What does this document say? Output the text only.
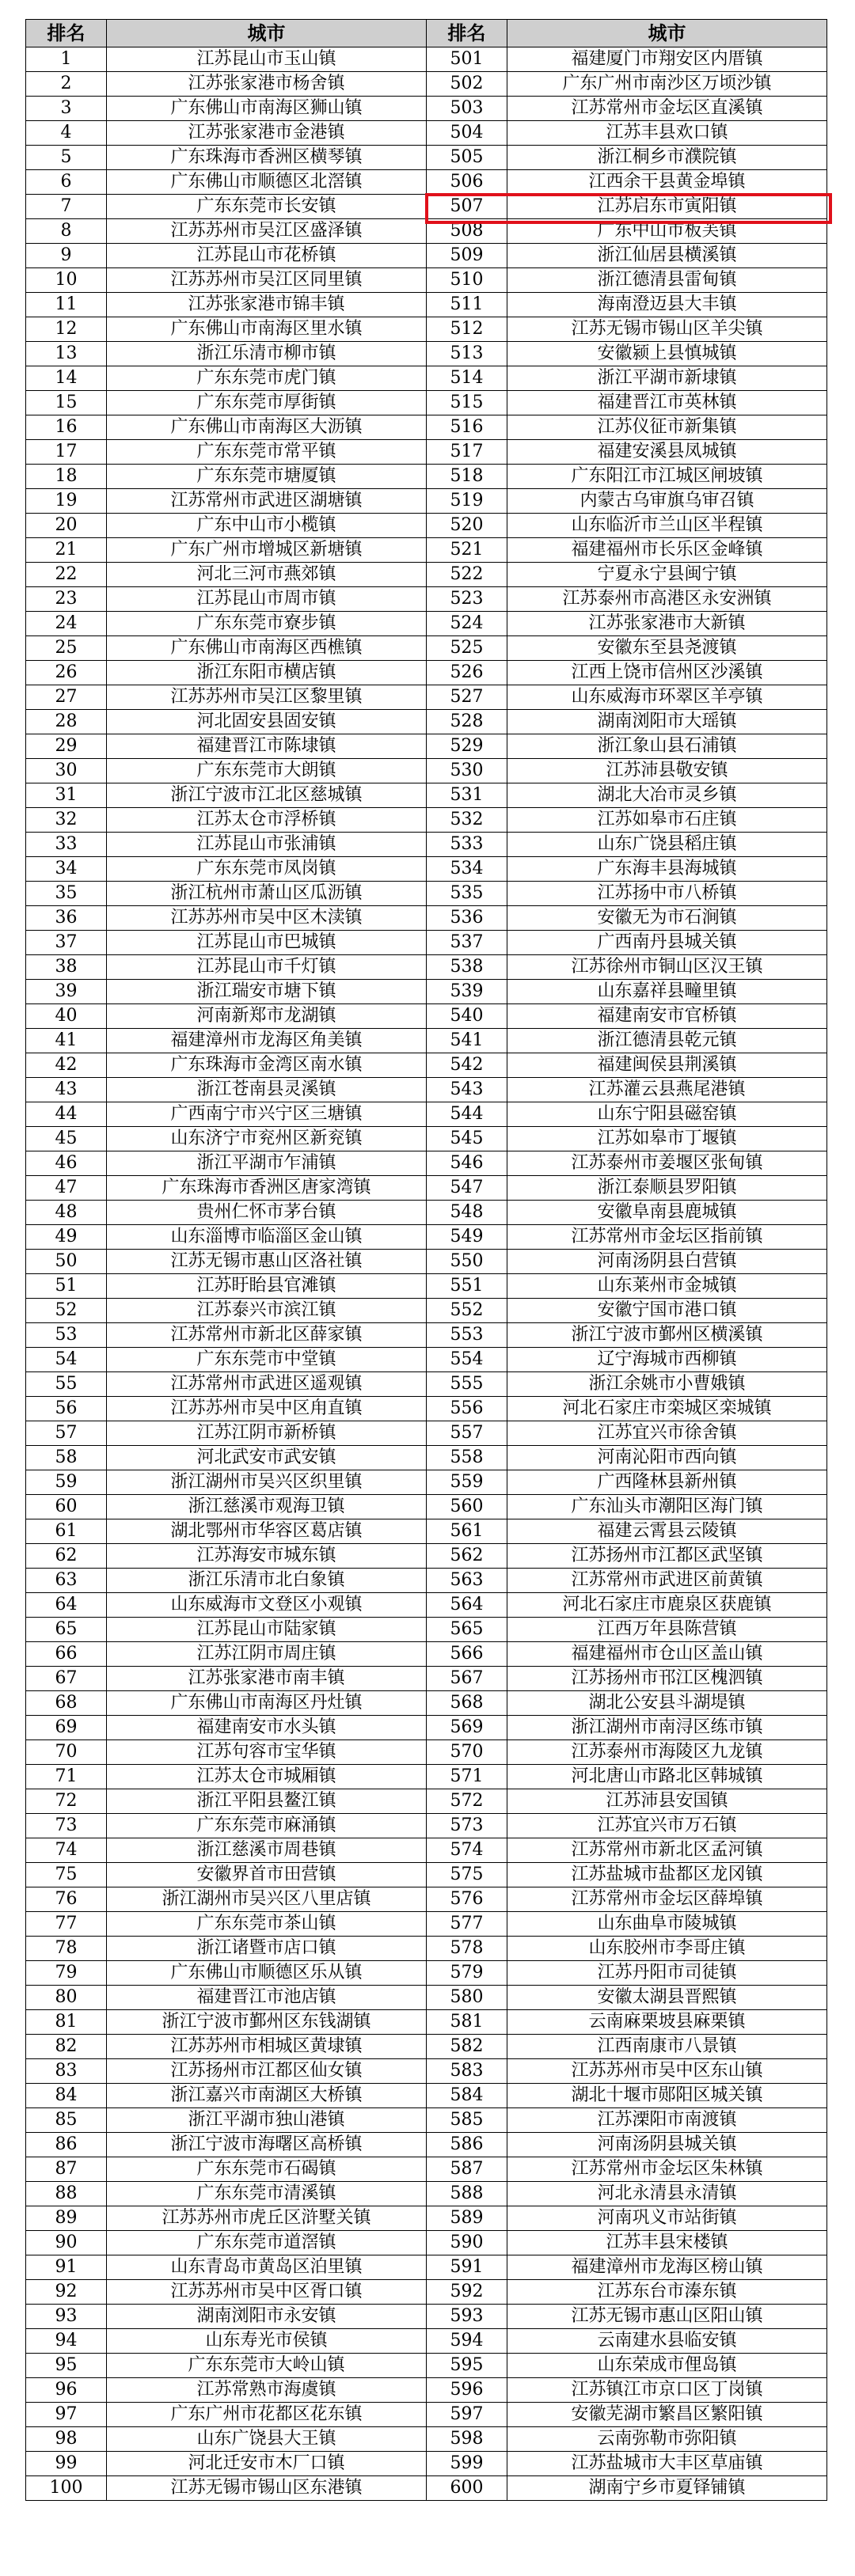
排名	城市	排名	城市
1	江苏昆山市玉山镇	501	福建厦门市翔安区内厝镇
2	江苏张家港市杨舍镇	502	广东广州市南沙区万顷沙镇
3	广东佛山市南海区狮山镇	503	江苏常州市金坛区直溪镇
4	江苏张家港市金港镇	504	江苏丰县欢口镇
5	广东珠海市香洲区横琴镇	505	浙江桐乡市濮院镇
6	广东佛山市顺德区北滘镇	506	江西余干县黄金埠镇
7	广东东莞市长安镇	507	江苏启东市寅阳镇
8	江苏苏州市吴江区盛泽镇	508	广东中山市板芙镇
9	江苏昆山市花桥镇	509	浙江仙居县横溪镇
10	江苏苏州市吴江区同里镇	510	浙江德清县雷甸镇
11	江苏张家港市锦丰镇	511	海南澄迈县大丰镇
12	广东佛山市南海区里水镇	512	江苏无锡市锡山区羊尖镇
13	浙江乐清市柳市镇	513	安徽颍上县慎城镇
14	广东东莞市虎门镇	514	浙江平湖市新埭镇
15	广东东莞市厚街镇	515	福建晋江市英林镇
16	广东佛山市南海区大沥镇	516	江苏仪征市新集镇
17	广东东莞市常平镇	517	福建安溪县凤城镇
18	广东东莞市塘厦镇	518	广东阳江市江城区闸坡镇
19	江苏常州市武进区湖塘镇	519	内蒙古乌审旗乌审召镇
20	广东中山市小榄镇	520	山东临沂市兰山区半程镇
21	广东广州市增城区新塘镇	521	福建福州市长乐区金峰镇
22	河北三河市燕郊镇	522	宁夏永宁县闽宁镇
23	江苏昆山市周市镇	523	江苏泰州市高港区永安洲镇
24	广东东莞市寮步镇	524	江苏张家港市大新镇
25	广东佛山市南海区西樵镇	525	安徽东至县尧渡镇
26	浙江东阳市横店镇	526	江西上饶市信州区沙溪镇
27	江苏苏州市吴江区黎里镇	527	山东威海市环翠区羊亭镇
28	河北固安县固安镇	528	湖南浏阳市大瑶镇
29	福建晋江市陈埭镇	529	浙江象山县石浦镇
30	广东东莞市大朗镇	530	江苏沛县敬安镇
31	浙江宁波市江北区慈城镇	531	湖北大冶市灵乡镇
32	江苏太仓市浮桥镇	532	江苏如皋市石庄镇
33	江苏昆山市张浦镇	533	山东广饶县稻庄镇
34	广东东莞市凤岗镇	534	广东海丰县海城镇
35	浙江杭州市萧山区瓜沥镇	535	江苏扬中市八桥镇
36	江苏苏州市吴中区木渎镇	536	安徽无为市石涧镇
37	江苏昆山市巴城镇	537	广西南丹县城关镇
38	江苏昆山市千灯镇	538	江苏徐州市铜山区汉王镇
39	浙江瑞安市塘下镇	539	山东嘉祥县疃里镇
40	河南新郑市龙湖镇	540	福建南安市官桥镇
41	福建漳州市龙海区角美镇	541	浙江德清县乾元镇
42	广东珠海市金湾区南水镇	542	福建闽侯县荆溪镇
43	浙江苍南县灵溪镇	543	江苏灌云县燕尾港镇
44	广西南宁市兴宁区三塘镇	544	山东宁阳县磁窑镇
45	山东济宁市兖州区新兖镇	545	江苏如皋市丁堰镇
46	浙江平湖市乍浦镇	546	江苏泰州市姜堰区张甸镇
47	广东珠海市香洲区唐家湾镇	547	浙江泰顺县罗阳镇
48	贵州仁怀市茅台镇	548	安徽阜南县鹿城镇
49	山东淄博市临淄区金山镇	549	江苏常州市金坛区指前镇
50	江苏无锡市惠山区洛社镇	550	河南汤阴县白营镇
51	江苏盱眙县官滩镇	551	山东莱州市金城镇
52	江苏泰兴市滨江镇	552	安徽宁国市港口镇
53	江苏常州市新北区薛家镇	553	浙江宁波市鄞州区横溪镇
54	广东东莞市中堂镇	554	辽宁海城市西柳镇
55	江苏常州市武进区遥观镇	555	浙江余姚市小曹娥镇
56	江苏苏州市吴中区甪直镇	556	河北石家庄市栾城区栾城镇
57	江苏江阴市新桥镇	557	江苏宜兴市徐舍镇
58	河北武安市武安镇	558	河南沁阳市西向镇
59	浙江湖州市吴兴区织里镇	559	广西隆林县新州镇
60	浙江慈溪市观海卫镇	560	广东汕头市潮阳区海门镇
61	湖北鄂州市华容区葛店镇	561	福建云霄县云陵镇
62	江苏海安市城东镇	562	江苏扬州市江都区武坚镇
63	浙江乐清市北白象镇	563	江苏常州市武进区前黄镇
64	山东威海市文登区小观镇	564	河北石家庄市鹿泉区获鹿镇
65	江苏昆山市陆家镇	565	江西万年县陈营镇
66	江苏江阴市周庄镇	566	福建福州市仓山区盖山镇
67	江苏张家港市南丰镇	567	江苏扬州市邗江区槐泗镇
68	广东佛山市南海区丹灶镇	568	湖北公安县斗湖堤镇
69	福建南安市水头镇	569	浙江湖州市南浔区练市镇
70	江苏句容市宝华镇	570	江苏泰州市海陵区九龙镇
71	江苏太仓市城厢镇	571	河北唐山市路北区韩城镇
72	浙江平阳县鳌江镇	572	江苏沛县安国镇
73	广东东莞市麻涌镇	573	江苏宜兴市万石镇
74	浙江慈溪市周巷镇	574	江苏常州市新北区孟河镇
75	安徽界首市田营镇	575	江苏盐城市盐都区龙冈镇
76	浙江湖州市吴兴区八里店镇	576	江苏常州市金坛区薛埠镇
77	广东东莞市茶山镇	577	山东曲阜市陵城镇
78	浙江诸暨市店口镇	578	山东胶州市李哥庄镇
79	广东佛山市顺德区乐从镇	579	江苏丹阳市司徒镇
80	福建晋江市池店镇	580	安徽太湖县晋熙镇
81	浙江宁波市鄞州区东钱湖镇	581	云南麻栗坡县麻栗镇
82	江苏苏州市相城区黄埭镇	582	江西南康市八景镇
83	江苏扬州市江都区仙女镇	583	江苏苏州市吴中区东山镇
84	浙江嘉兴市南湖区大桥镇	584	湖北十堰市郧阳区城关镇
85	浙江平湖市独山港镇	585	江苏溧阳市南渡镇
86	浙江宁波市海曙区高桥镇	586	河南汤阴县城关镇
87	广东东莞市石碣镇	587	江苏常州市金坛区朱林镇
88	广东东莞市清溪镇	588	河北永清县永清镇
89	江苏苏州市虎丘区浒墅关镇	589	河南巩义市站街镇
90	广东东莞市道滘镇	590	江苏丰县宋楼镇
91	山东青岛市黄岛区泊里镇	591	福建漳州市龙海区榜山镇
92	江苏苏州市吴中区胥口镇	592	江苏东台市溱东镇
93	湖南浏阳市永安镇	593	江苏无锡市惠山区阳山镇
94	山东寿光市侯镇	594	云南建水县临安镇
95	广东东莞市大岭山镇	595	山东荣成市俚岛镇
96	江苏常熟市海虞镇	596	江苏镇江市京口区丁岗镇
97	广东广州市花都区花东镇	597	安徽芜湖市繁昌区繁阳镇
98	山东广饶县大王镇	598	云南弥勒市弥阳镇
99	河北迁安市木厂口镇	599	江苏盐城市大丰区草庙镇
100	江苏无锡市锡山区东港镇	600	湖南宁乡市夏铎铺镇
